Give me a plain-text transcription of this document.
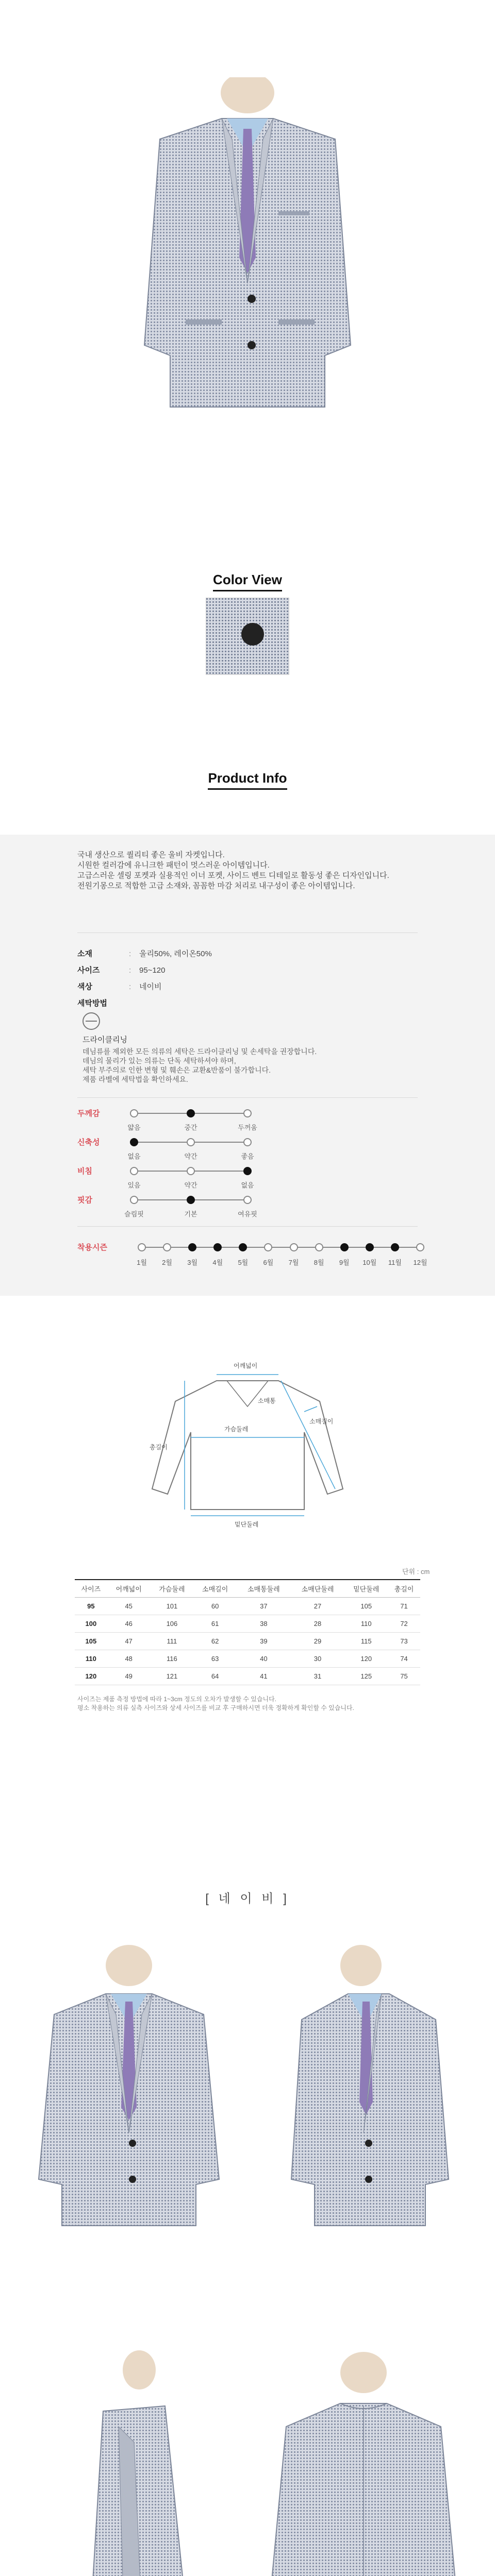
Color View
Product Info
국내 생산으로 퀄리티 좋은 울비 자켓입니다.
시원한 컬러감에 유니크한 패턴이 멋스러운 아이템입니다.
고급스러운 셀링 포켓과 실용적인 이너 포켓, 사이드 벤트 디테일로 활동성 좋은 디자인입니다.
전원기몽으로 적합한 고급 소재와, 꼼꼼한 마감 처리로 내구성이 좋은 아이템입니다.
소재	: 울리50%, 레이온50%
사이즈	: 95~120
색상	: 네이비
세탁방법
드라이클리닝
데님류를 제외한 모든 의류의 세탁은 드라이클리닝 및 손세탁을 권장합니다.
데님의 물리가 있는 의류는 단독 세탁하셔야 하며,
세탁 부주의로 인한 변형 및 훼손은 교환&반품이 불가합니다.
제품 라벨에 세탁법을 확인하세요.
두께감
얇음	중간	두꺼움
신축성
없음	약간	좋음
비침
있음	약간	없음
핏감
슬림핏	기본	여유핏
착용시즌
1월	2월	3월	4월	5월	6월	7월	8월	9월	10월	11월	12월
어깨넓이
소매통
소매길이
가슴둘레
총길이
밑단둘레
단위 : cm
사이즈	어깨넓이	가슴둘레	소매길이	소매통둘레	소매단둘레	밑단둘레	총길이
95	45	101	60	37	27	105	71
100	46	106	61	38	28	110	72
105	47	111	62	39	29	115	73
110	48	116	63	40	30	120	74
120	49	121	64	41	31	125	75
사이즈는 제품 측정 방법에 따라 1~3cm 정도의 오차가 발생할 수 있습니다.
평소 착용하는 의류 실측 사이즈와 상세 사이즈를 비교 후 구매하시면 더욱 정확하게 확인할 수 있습니다.
[ 네 이 비 ]
